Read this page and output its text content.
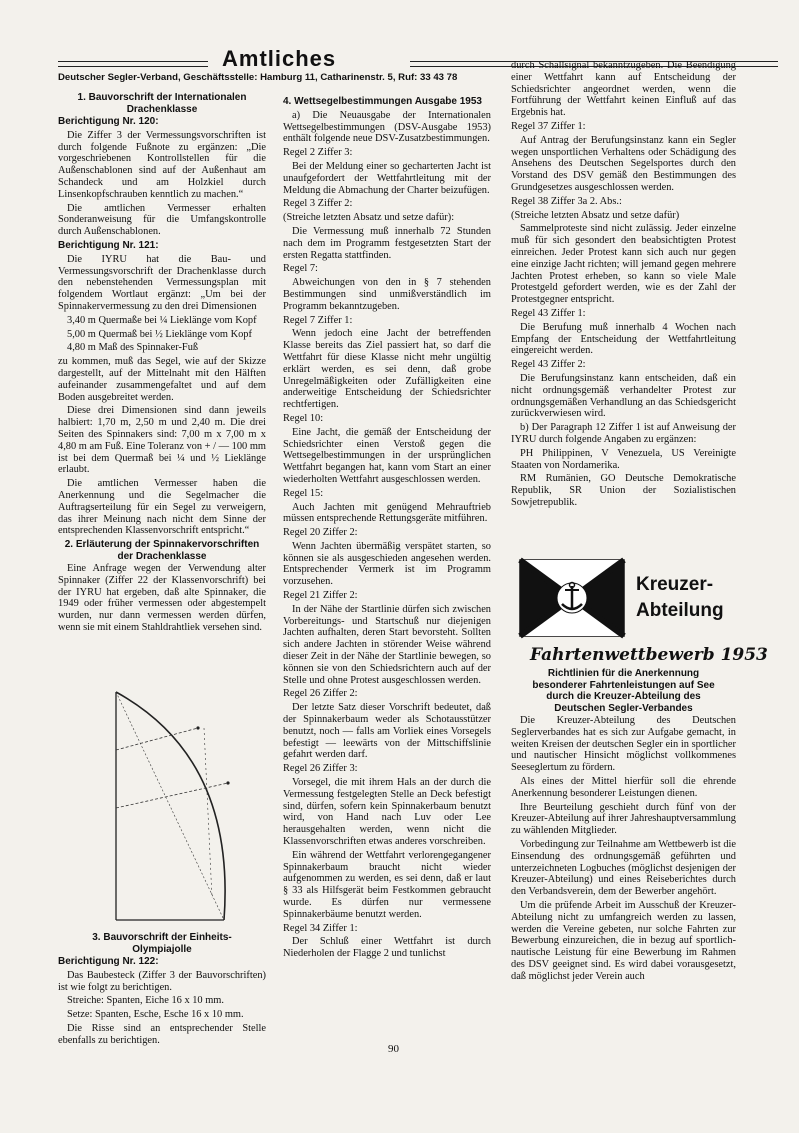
Amtliches
Deutscher Segler-Verband, Geschäftsstelle: Hamburg 11, Catharinenstr. 5, Ruf: 33 43 78
1. Bauvorschrift der Internationalen
Drachenklasse

Berichtigung Nr. 120:

Die Ziffer 3 der Vermessungsvorschriften ist durch folgende Fußnote zu ergänzen: „Die vorgeschriebenen Kontrollstellen für die Außenschablonen sind auf der Außenhaut am Schandeck und am Holzkiel durch Linsenkopfschrauben kenntlich zu machen.“

Die amtlichen Vermesser erhalten Sonderanweisung für die Umfangskontrolle durch Außenschablonen.

Berichtigung Nr. 121:

Die IYRU hat die Bau- und Vermessungsvorschrift der Drachenklasse durch den nebenstehenden Vermessungsplan mit folgendem Wortlaut ergänzt: „Um bei der Spinnakervermessung zu den drei Dimensionen

3,40 m Quermaße bei ¼ Lieklänge vom Kopf

5,00 m Quermaß bei ½ Lieklänge vom Kopf

4,80 m Maß des Spinnaker-Fuß

zu kommen, muß das Segel, wie auf der Skizze dargestellt, auf der Mittelnaht mit den Hälften aufeinander zusammengefaltet und auf dem Boden ausgebreitet werden.

Diese drei Dimensionen sind dann jeweils halbiert: 1,70 m, 2,50 m und 2,40 m. Die drei Seiten des Spinnakers sind: 7,00 m x 7,00 m x 4,80 m am Fuß. Eine Toleranz von + / — 100 mm ist bei dem Quermaß bei ¼ und ½ Lieklänge erlaubt.

Die amtlichen Vermesser haben die Anerkennung und die Segelmacher die Auftragserteilung für ein Segel zu verweigern, das ihrer Meinung nach nicht dem Sinne der entsprechenden Klassenvorschrift entspricht.“

2. Erläuterung der Spinnakervorschriften
der Drachenklasse

Eine Anfrage wegen der Verwendung alter Spinnaker (Ziffer 22 der Klassenvorschrift) bei der IYRU hat ergeben, daß alte Spinnaker, die 1949 oder früher vermessen oder abgestempelt wurden, nur dann vermessen werden dürfen, wenn sie mit einem Stahldrahtliek versehen sind.

3. Bauvorschrift der Einheits-
Olympiajolle

Berichtigung Nr. 122:

Das Baubesteck (Ziffer 3 der Bauvorschriften) ist wie folgt zu berichtigen.

Streiche: Spanten, Eiche 16 x 10 mm.

Setze: Spanten, Esche, Esche 16 x 10 mm.

Die Risse sind an entsprechender Stelle ebenfalls zu berichtigen.

4. Wettsegelbestimmungen Ausgabe 1953

a) Die Neuausgabe der Internationalen Wettsegelbestimmungen (DSV-Ausgabe 1953) enthält folgende neue DSV-Zusatzbestimmungen.

Regel 2 Ziffer 3:

Bei der Meldung einer so gecharterten Jacht ist unaufgefordert der Wettfahrtleitung mit der Meldung die Abmachung der Charter beizufügen.

Regel 3 Ziffer 2:

(Streiche letzten Absatz und setze dafür):

Die Vermessung muß innerhalb 72 Stunden nach dem im Programm festgesetzten Start der ersten Regatta stattfinden.

Regel 7:

Abweichungen von den in § 7 stehenden Bestimmungen sind unmißverständlich im Programm bekanntzugeben.

Regel 7 Ziffer 1:

Wenn jedoch eine Jacht der betreffenden Klasse bereits das Ziel passiert hat, so darf die Wettfahrt für diese Klasse nicht mehr ungültig erklärt werden, es sei denn, daß grobe Unregelmäßigkeiten oder Zufälligkeiten eine anderweitige Entscheidung der Schiedsrichter rechtfertigen.

Regel 10:

Eine Jacht, die gemäß der Entscheidung der Schiedsrichter einen Verstoß gegen die Wettsegelbestimmungen in der ursprünglichen Wettfahrt begangen hat, kann vom Start an einer wiederholten Wettfahrt ausgeschlossen werden.

Regel 15:

Auch Jachten mit genügend Mehrauftrieb müssen entsprechende Rettungsgeräte mitführen.

Regel 20 Ziffer 2:

Wenn Jachten übermäßig verspätet starten, so können sie als ausgeschieden angesehen werden. Entsprechender Vermerk ist im Programm vorzusehen.

Regel 21 Ziffer 2:

In der Nähe der Startlinie dürfen sich zwischen Vorbereitungs- und Startschuß nur diejenigen Jachten aufhalten, deren Start bevorsteht. Sollten sich andere Jachten in störender Weise während dieser Zeit in der Nähe der Startlinie bewegen, so können sie von den Schiedsrichtern auch auf der Stelle und ohne Protest ausgeschlossen werden.

Regel 26 Ziffer 2:

Der letzte Satz dieser Vorschrift bedeutet, daß der Spinnakerbaum weder als Schotausstützer benutzt, noch — falls am Vorliek eines Vorsegels befestigt — leewärts von der Mittschiffslinie gefahrt werden darf.

Regel 26 Ziffer 3:

Vorsegel, die mit ihrem Hals an der durch die Vermessung festgelegten Stelle an Deck befestigt sind, dürfen, sofern kein Spinnakerbaum benutzt wird, von Hand nach Luv oder Lee herausgehalten werden, wenn nicht die Klassenvorschriften etwas anderes vorschreiben.

Ein während der Wettfahrt verlorengegangener Spinnakerbaum braucht nicht wieder aufgenommen zu werden, es sei denn, daß er laut § 33 als Hilfsgerät beim Festkommen gebraucht wurde. Es dürfen nur vermessene Spinnakerbäume benutzt werden.

Regel 34 Ziffer 1:

Der Schluß einer Wettfahrt ist durch Niederholen der Flagge 2 und tunlichst

durch Schallsignal bekanntzugeben. Die Beendigung einer Wettfahrt kann auf Entscheidung der Schiedsrichter angeordnet werden, wenn die Fortführung der Wettfahrt keinen Einfluß auf das Ergebnis hat.

Regel 37 Ziffer 1:

Auf Antrag der Berufungsinstanz kann ein Segler wegen unsportlichen Verhaltens oder Schädigung des Ansehens des Deutschen Segelsportes durch den Vorstand des DSV gemäß den Bestimmungen des Grundgesetzes ausgeschlossen werden.

Regel 38 Ziffer 3a 2. Abs.:

(Streiche letzten Absatz und setze dafür)

Sammelproteste sind nicht zulässig. Jeder einzelne muß für sich gesondert den beabsichtigten Protest einreichen. Jeder Protest kann sich auch nur gegen eine einzige Jacht richten; will jemand gegen mehrere Jachten Protest erheben, so kann so viele Male Protestgeld gefordert werden, wie es der Zahl der Protestgegner entspricht.

Regel 43 Ziffer 1:

Die Berufung muß innerhalb 4 Wochen nach Empfang der Entscheidung der Wettfahrtleitung eingereicht werden.

Regel 43 Ziffer 2:

Die Berufungsinstanz kann entscheiden, daß ein nicht ordnungsgemäß verhandelter Protest zur ordnungsgemäßen Verhandlung an das Schiedsgericht zurückverwiesen wird.

b) Der Paragraph 12 Ziffer 1 ist auf Anweisung der IYRU durch folgende Angaben zu ergänzen:

PH Philippinen, V Venezuela, US Vereinigte Staaten von Nordamerika.

RM Rumänien, GO Deutsche Demokratische Republik, SR Union der Sozialistischen Sowjetrepublik.

Kreuzer-
Abteilung
Fahrtenwettbewerb 1953
Richtlinien für die Anerkennung
besonderer Fahrtenleistungen auf See
durch die Kreuzer-Abteilung des
Deutschen Segler-Verbandes

Die Kreuzer-Abteilung des Deutschen Seglerverbandes hat es sich zur Aufgabe gemacht, in weiten Kreisen der deutschen Segler ein in sportlicher und nautischer Hinsicht möglichst vollkommenes Seeseglertum zu fördern.

Als eines der Mittel hierfür soll die ehrende Anerkennung besonderer Leistungen dienen.

Ihre Beurteilung geschieht durch fünf von der Kreuzer-Abteilung auf ihrer Jahreshauptversammlung zu wählenden Mitglieder.

Vorbedingung zur Teilnahme am Wettbewerb ist die Einsendung des ordnungsgemäß geführten und unterzeichneten Logbuches (möglichst desjenigen der Kreuzer-Abteilung) und eines Reiseberichtes durch den Verbandsverein, dem der Bewerber angehört.

Um die prüfende Arbeit im Ausschuß der Kreuzer-Abteilung nicht zu umfangreich werden zu lassen, werden die Vereine gebeten, nur solche Fahrten zur Bewerbung einzureichen, die in bezug auf sportlich-nautische Leistung für eine Bewerbung im Rahmen des DSV geeignet sind. Es wird dabei vorausgesetzt, daß möglichst jeder Verein auch

90
